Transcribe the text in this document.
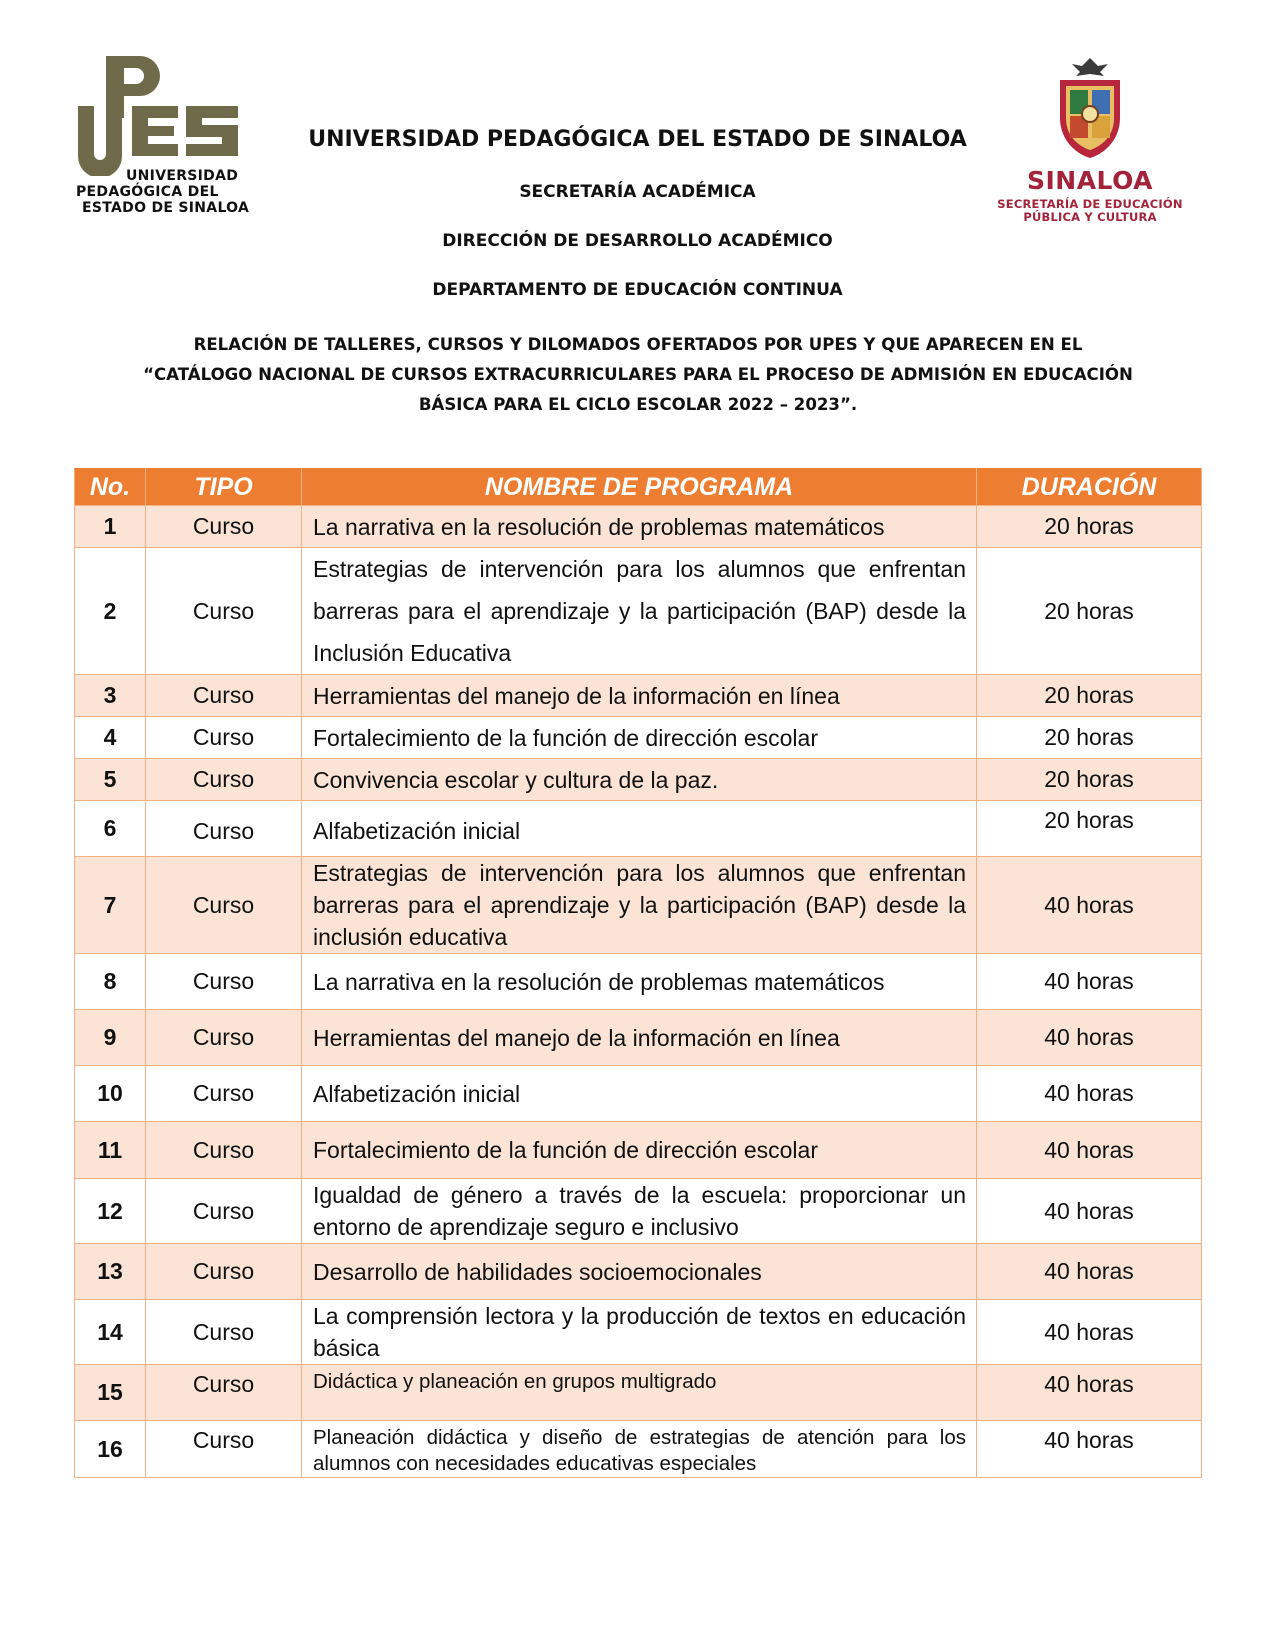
UNIVERSIDAD
PEDAGÓGICA DEL
ESTADO DE SINALOA
SINALOA
SECRETARÍA DE EDUCACIÓN
PÚBLICA Y CULTURA
UNIVERSIDAD PEDAGÓGICA DEL ESTADO DE SINALOA
SECRETARÍA ACADÉMICA
DIRECCIÓN DE DESARROLLO ACADÉMICO
DEPARTAMENTO DE EDUCACIÓN CONTINUA
RELACIÓN DE TALLERES, CURSOS Y DILOMADOS OFERTADOS POR UPES Y QUE APARECEN EN EL
“CATÁLOGO NACIONAL DE CURSOS EXTRACURRICULARES PARA EL PROCESO DE ADMISIÓN EN EDUCACIÓN
BÁSICA PARA EL CICLO ESCOLAR 2022 – 2023”.
No.	TIPO	NOMBRE DE PROGRAMA	DURACIÓN
1	Curso	La narrativa en la resolución de problemas matemáticos	20 horas
2	Curso	Estrategias de intervención para los alumnos que enfrentan barreras para el aprendizaje y la participación (BAP) desde la Inclusión Educativa	20 horas
3	Curso	Herramientas del manejo de la información en línea	20 horas
4	Curso	Fortalecimiento de la función de dirección escolar	20 horas
5	Curso	Convivencia escolar y cultura de la paz.	20 horas
6	Curso	Alfabetización inicial	20 horas
7	Curso	Estrategias de intervención para los alumnos que enfrentan barreras para el aprendizaje y la participación (BAP) desde la inclusión educativa	40 horas
8	Curso	La narrativa en la resolución de problemas matemáticos	40 horas
9	Curso	Herramientas del manejo de la información en línea	40 horas
10	Curso	Alfabetización inicial	40 horas
11	Curso	Fortalecimiento de la función de dirección escolar	40 horas
12	Curso	Igualdad de género a través de la escuela: proporcionar un entorno de aprendizaje seguro e inclusivo	40 horas
13	Curso	Desarrollo de habilidades socioemocionales	40 horas
14	Curso	La comprensión lectora y la producción de textos en educación básica	40 horas
15	Curso	Didáctica y planeación en grupos multigrado	40 horas
16	Curso	Planeación didáctica y diseño de estrategias de atención para los alumnos con necesidades educativas especiales	40 horas
